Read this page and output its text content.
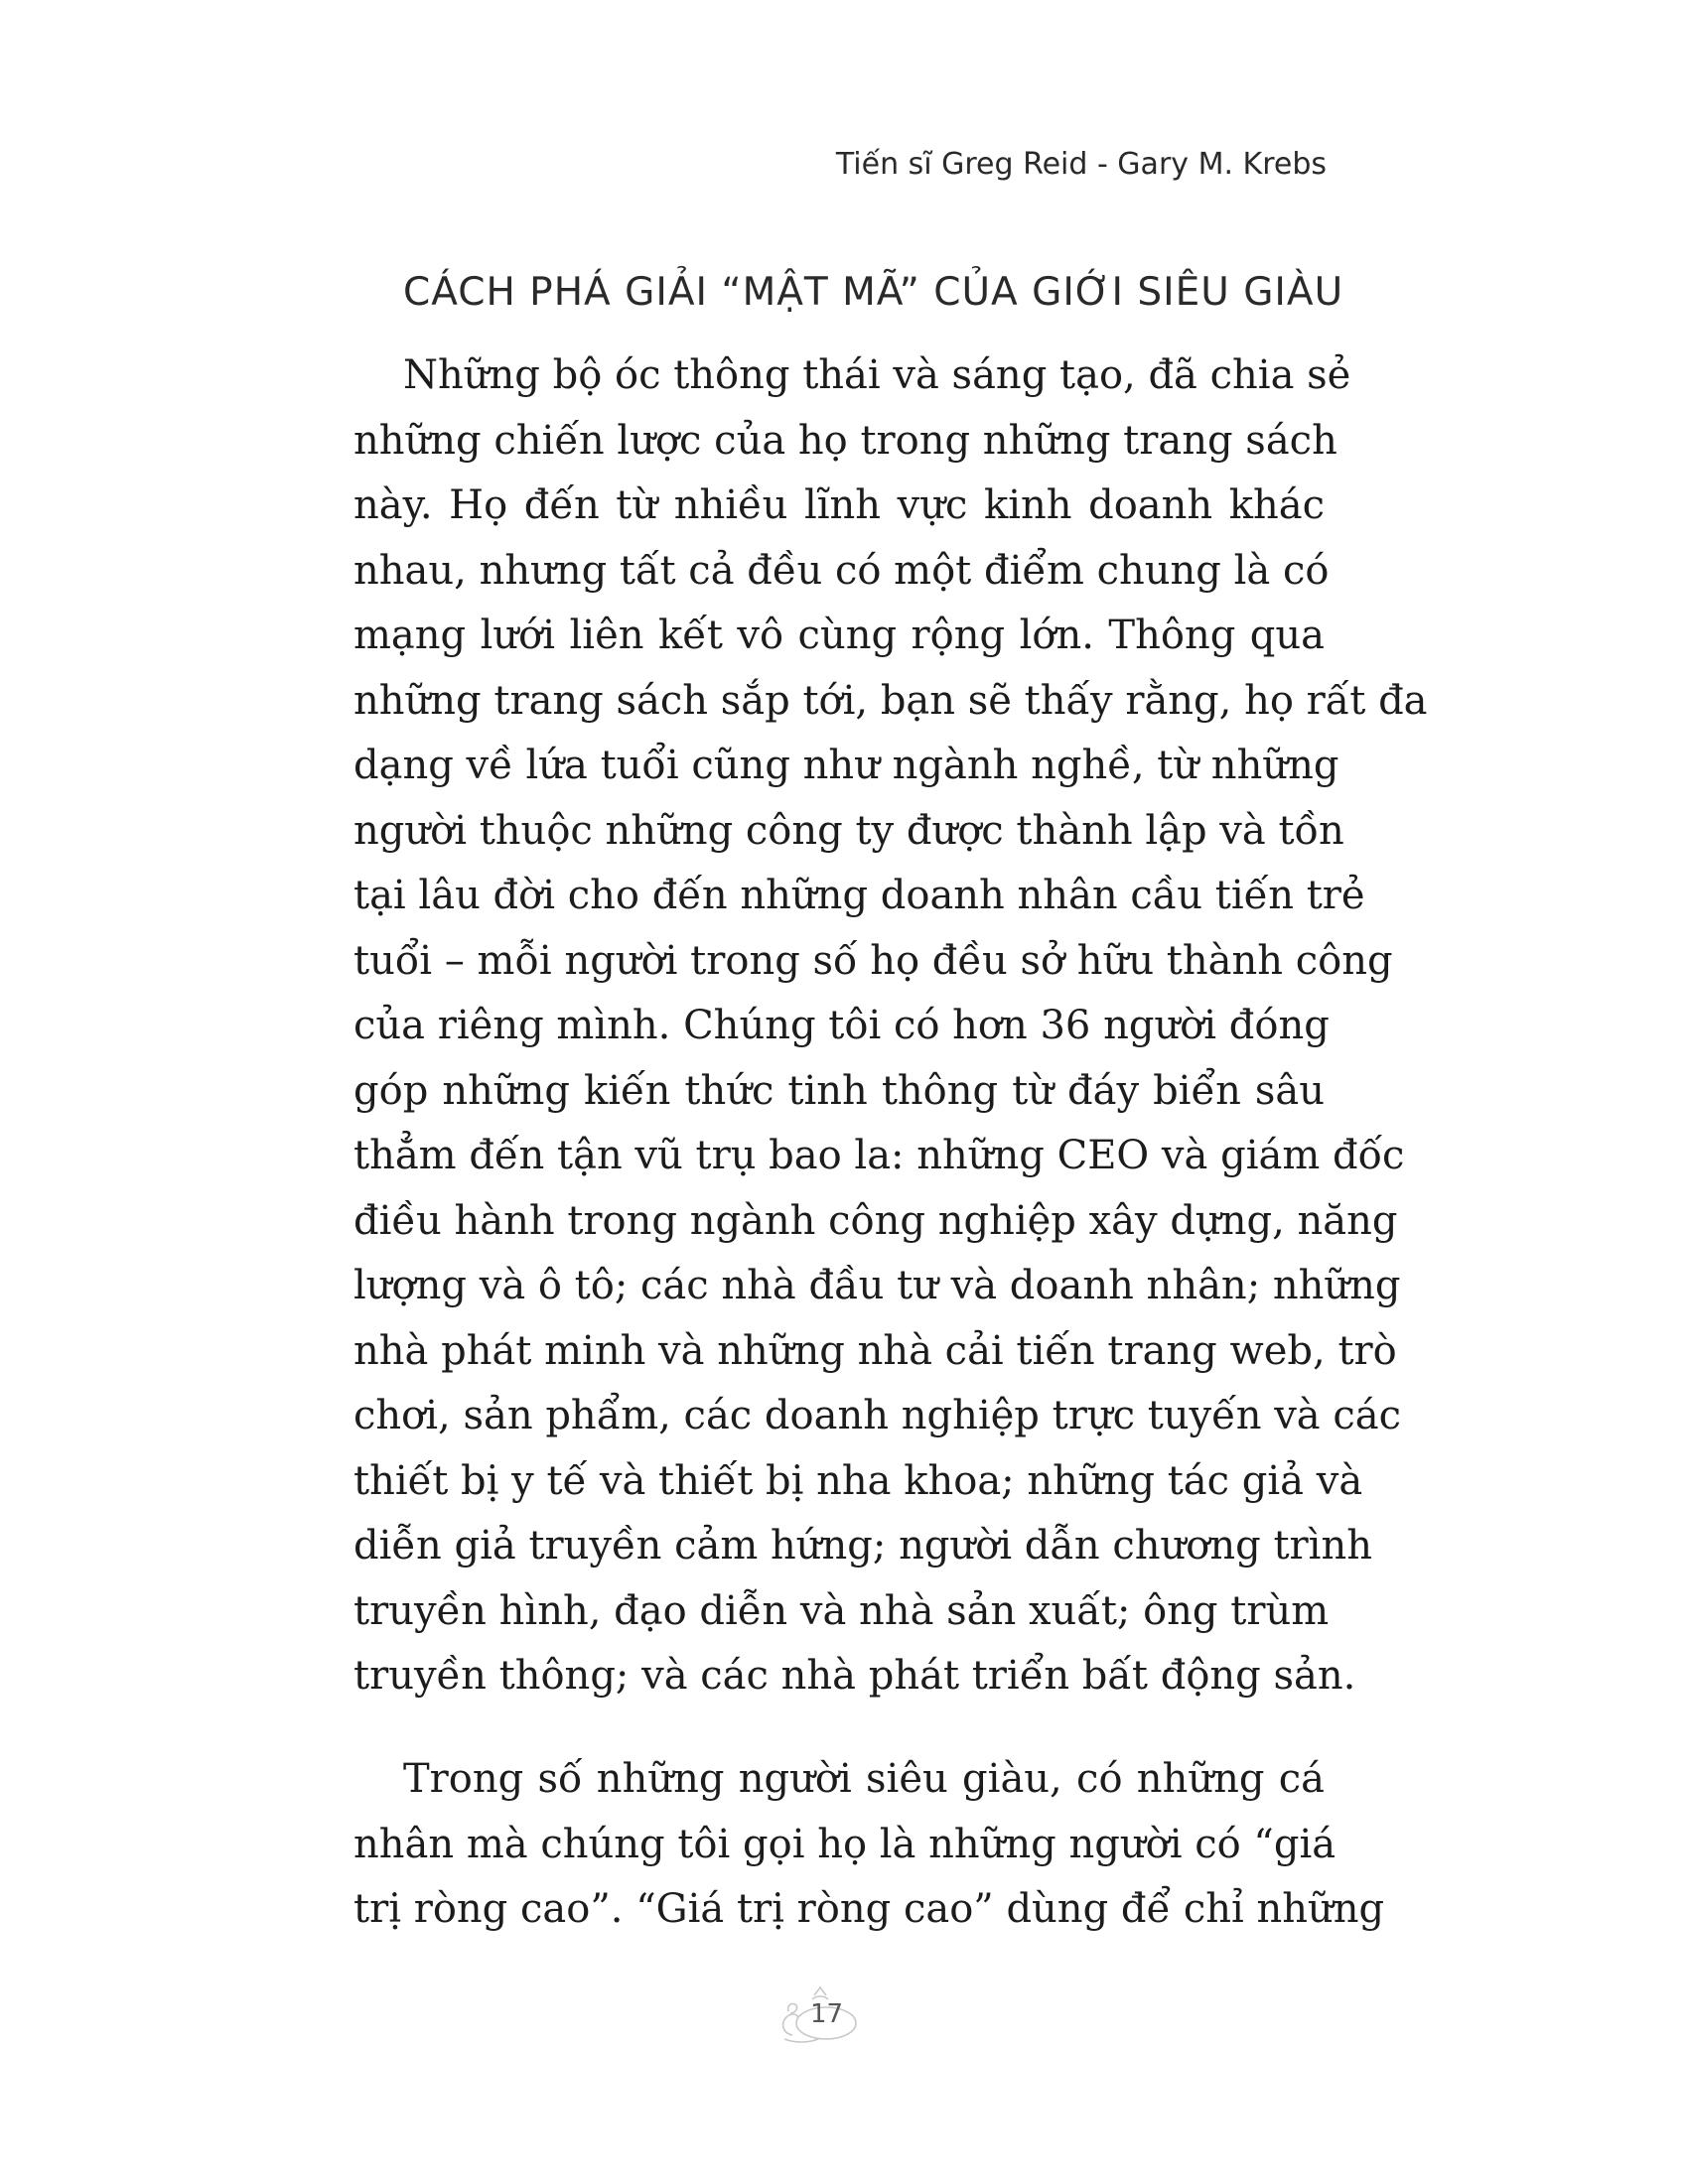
Tiến sĩ Greg Reid - Gary M. Krebs
CÁCH PHÁ GIẢI “MẬT MÃ” CỦA GIỚI SIÊU GIÀU
Những bộ óc thông thái và sáng tạo, đã chia sẻ
những chiến lược của họ trong những trang sách
này. Họ đến từ nhiều lĩnh vực kinh doanh khác
nhau, nhưng tất cả đều có một điểm chung là có
mạng lưới liên kết vô cùng rộng lớn. Thông qua
những trang sách sắp tới, bạn sẽ thấy rằng, họ rất đa
dạng về lứa tuổi cũng như ngành nghề, từ những
người thuộc những công ty được thành lập và tồn
tại lâu đời cho đến những doanh nhân cầu tiến trẻ
tuổi – mỗi người trong số họ đều sở hữu thành công
của riêng mình. Chúng tôi có hơn 36 người đóng
góp những kiến thức tinh thông từ đáy biển sâu
thẳm đến tận vũ trụ bao la: những CEO và giám đốc
điều hành trong ngành công nghiệp xây dựng, năng
lượng và ô tô; các nhà đầu tư và doanh nhân; những
nhà phát minh và những nhà cải tiến trang web, trò
chơi, sản phẩm, các doanh nghiệp trực tuyến và các
thiết bị y tế và thiết bị nha khoa; những tác giả và
diễn giả truyền cảm hứng; người dẫn chương trình
truyền hình, đạo diễn và nhà sản xuất; ông trùm
truyền thông; và các nhà phát triển bất động sản.
Trong số những người siêu giàu, có những cá
nhân mà chúng tôi gọi họ là những người có “giá
trị ròng cao”. “Giá trị ròng cao” dùng để chỉ những
17
